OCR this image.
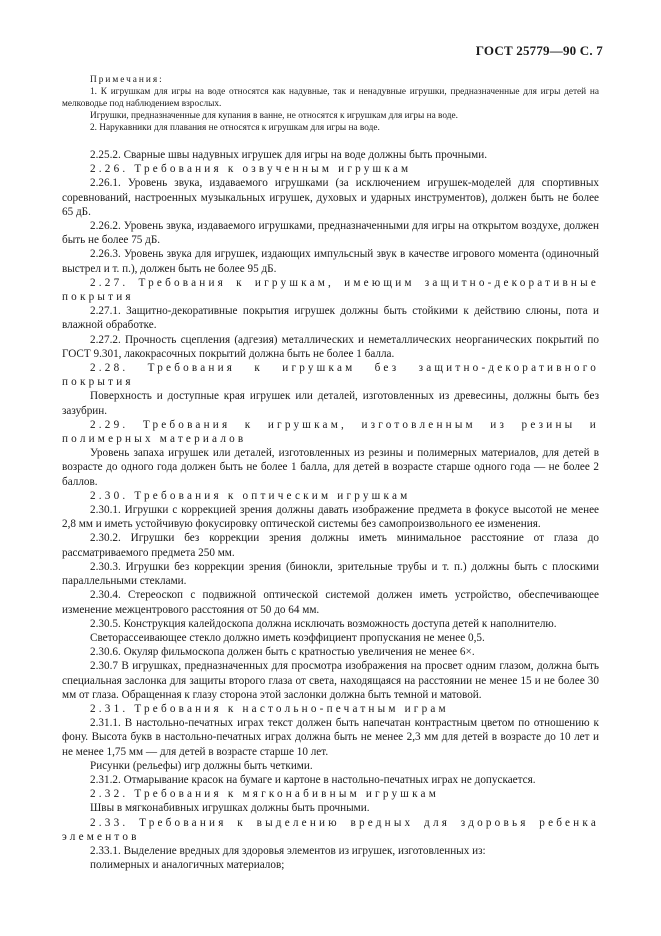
ГОСТ 25779—90 С. 7

Примечания:

1. К игрушкам для игры на воде относятся как надувные, так и ненадувные игрушки, предназначенные для игры детей на мелководье под наблюдением взрослых.

Игрушки, предназначенные для купания в ванне, не относятся к игрушкам для игры на воде.

2. Нарукавники для плавания не относятся к игрушкам для игры на воде.

2.25.2. Сварные швы надувных игрушек для игры на воде должны быть прочными.

2.26. Требования к озвученным игрушкам

2.26.1. Уровень звука, издаваемого игрушками (за исключением игрушек-моделей для спортивных соревнований, настроенных музыкальных игрушек, духовых и ударных инструментов), должен быть не более 65 дБ.

2.26.2. Уровень звука, издаваемого игрушками, предназначенными для игры на открытом воздухе, должен быть не более 75 дБ.

2.26.3. Уровень звука для игрушек, издающих импульсный звук в качестве игрового момента (одиночный выстрел и т. п.), должен быть не более 95 дБ.

2.27. Требования к игрушкам, имеющим защитно-декоративные покрытия

2.27.1. Защитно-декоративные покрытия игрушек должны быть стойкими к действию слюны, пота и влажной обработке.

2.27.2. Прочность сцепления (адгезия) металлических и неметаллических неорганических покрытий по ГОСТ 9.301, лакокрасочных покрытий должна быть не более 1 балла.

2.28. Требования к игрушкам без защитно-декоративного покрытия

Поверхность и доступные края игрушек или деталей, изготовленных из древесины, должны быть без зазубрин.

2.29. Требования к игрушкам, изготовленным из резины и полимерных материалов

Уровень запаха игрушек или деталей, изготовленных из резины и полимерных материалов, для детей в возрасте до одного года должен быть не более 1 балла, для детей в возрасте старше одного года — не более 2 баллов.

2.30. Требования к оптическим игрушкам

2.30.1. Игрушки с коррекцией зрения должны давать изображение предмета в фокусе высотой не менее 2,8 мм и иметь устойчивую фокусировку оптической системы без самопроизвольного ее изменения.

2.30.2. Игрушки без коррекции зрения должны иметь минимальное расстояние от глаза до рассматриваемого предмета 250 мм.

2.30.3. Игрушки без коррекции зрения (бинокли, зрительные трубы и т. п.) должны быть с плоскими параллельными стеклами.

2.30.4. Стереоскоп с подвижной оптической системой должен иметь устройство, обеспечивающее изменение межцентрового расстояния от 50 до 64 мм.

2.30.5. Конструкция калейдоскопа должна исключать возможность доступа детей к наполнителю.

Светорассеивающее стекло должно иметь коэффициент пропускания не менее 0,5.

2.30.6. Окуляр фильмоскопа должен быть с кратностью увеличения не менее 6×.

2.30.7 В игрушках, предназначенных для просмотра изображения на просвет одним глазом, должна быть специальная заслонка для защиты второго глаза от света, находящаяся на расстоянии не менее 15 и не более 30 мм от глаза. Обращенная к глазу сторона этой заслонки должна быть темной и матовой.

2.31. Требования к настольно-печатным играм

2.31.1. В настольно-печатных играх текст должен быть напечатан контрастным цветом по отношению к фону. Высота букв в настольно-печатных играх должна быть не менее 2,3 мм для детей в возрасте до 10 лет и не менее 1,75 мм — для детей в возрасте старше 10 лет.

Рисунки (рельефы) игр должны быть четкими.

2.31.2. Отмарывание красок на бумаге и картоне в настольно-печатных играх не допускается.

2.32. Требования к мягконабивным игрушкам

Швы в мягконабивных игрушках должны быть прочными.

2.33. Требования к выделению вредных для здоровья ребенка элементов

2.33.1. Выделение вредных для здоровья элементов из игрушек, изготовленных из:

полимерных и аналогичных материалов;
